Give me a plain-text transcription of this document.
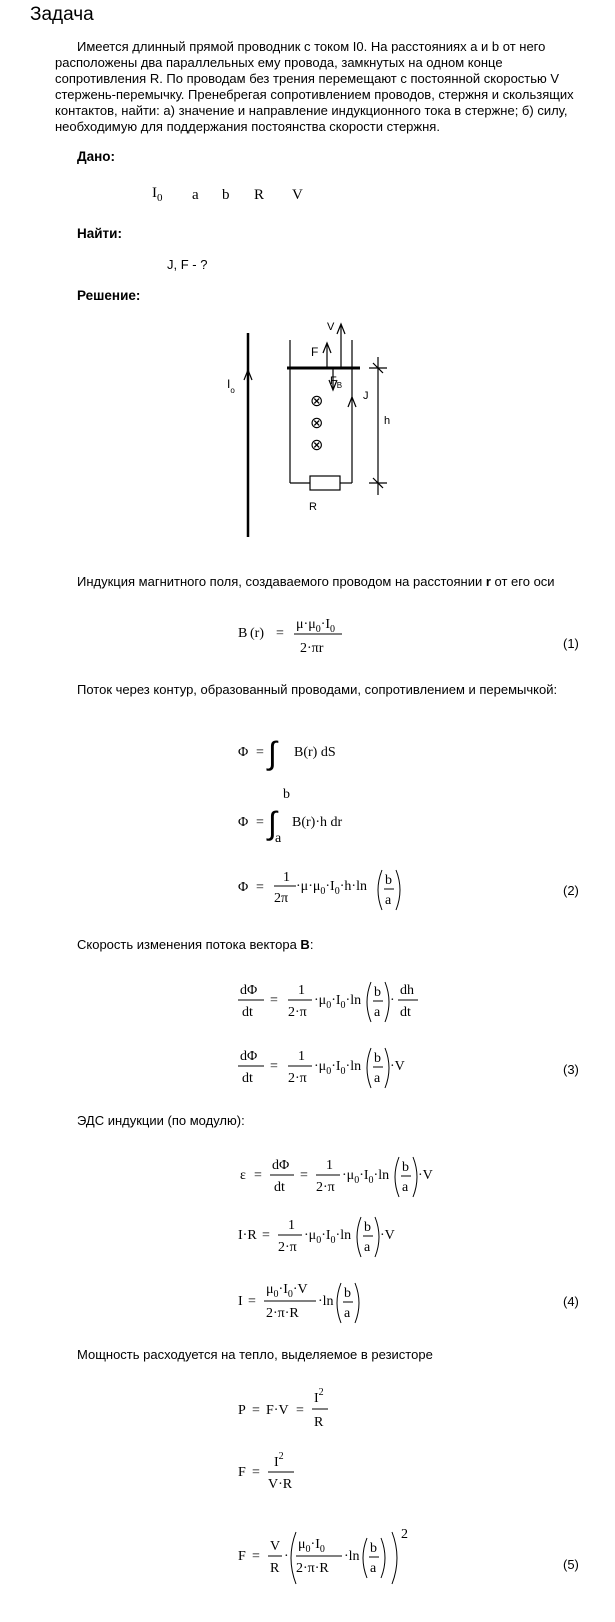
Задача
Имеется длинный прямой проводник с током I0. На расстояниях a и b от него расположены два параллельных ему провода, замкнутых на одном конце сопротивления R. По проводам без трения перемещают с постоянной скоростью V стержень-перемычку. Пренебрегая сопротивлением проводов, стержня и скользящих контактов, найти: а) значение и направление индукционного тока в стержне; б) силу, необходимую для поддержания постоянства скорости стержня.
Дано:
$I_0$ a b R V
Найти:
J, F - ?
Решение:
⊗
⊗
⊗
V
F
$F_B$
$I_o$	J
h
R
Индукция магнитного поля, создаваемого проводом на расстоянии r от его оси
B (r) =
$\mu\cdot\mu_0\cdot I_0$
2·πr	(1)
Поток через контур, образованный проводами, сопротивлением и перемычкой:
Φ = ∫ B(r) dS
Φ = ∫
b
a
B(r)·h dr
Φ =
1
2π
$\cdot\mu\cdot\mu_0\cdot I_0\cdot h\cdot\ln$ b
a
(2)
Скорость изменения потока вектора B:
dΦ
dt
=
1
2·π
$\cdot\mu_0\cdot I_0\cdot\ln$
b
a
·
dh
dt
dΦ
dt
=
1
2·π
$\cdot\mu_0\cdot I_0\cdot\ln$
b
a
·V	(3)
ЭДС индукции (по модулю):
ε =
dΦ
dt
=
1
2·π
$\cdot\mu_0\cdot I_0\cdot\ln$
b
a
·V
I·R =
1
2·π
$\cdot\mu_0\cdot I_0\cdot\ln$
b
a
·V
I =
$\mu_0\cdot I_0\cdot V$
2·π·R
·ln
b
a
(4)
Мощность расходуется на тепло, выделяемое в резисторе
P = F·V =
$I^2$
R
F =
$I^2$
V·R
F =
V
R
·
$\mu_0\cdot I_0$
2·π·R
·ln
b
a
2
(5)
